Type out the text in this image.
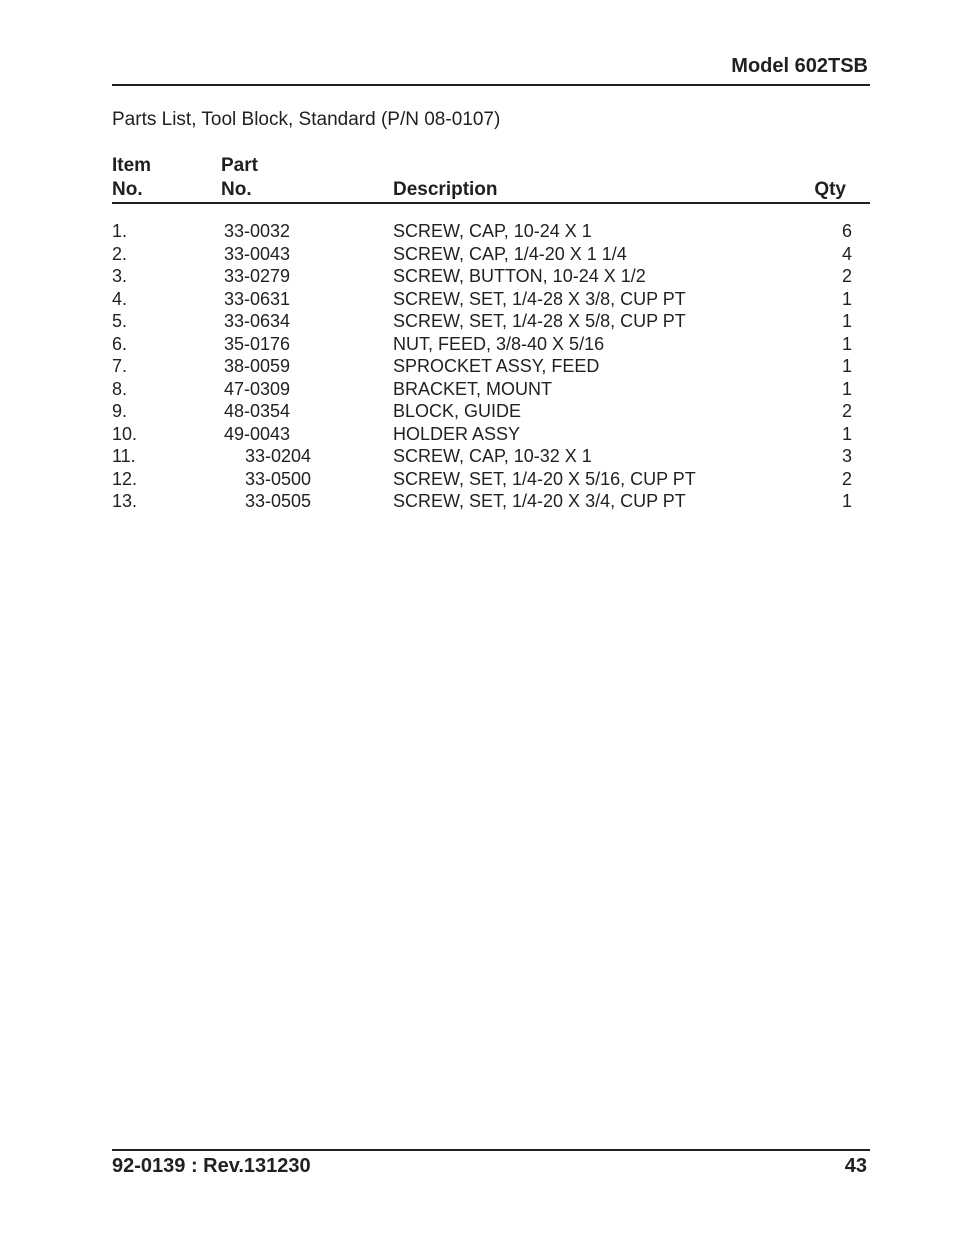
Model 602TSB
Parts List, Tool Block, Standard (P/N 08-0107)
Item
No.
Part
No.	Description	Qty
1.	33-0032	SCREW, CAP, 10-24 X 1	6
2.	33-0043	SCREW, CAP, 1/4-20 X 1 1/4	4
3.	33-0279	SCREW, BUTTON, 10-24 X 1/2	2
4.	33-0631	SCREW, SET, 1/4-28 X 3/8, CUP PT	1
5.	33-0634	SCREW, SET, 1/4-28 X 5/8, CUP PT	1
6.	35-0176	NUT, FEED, 3/8-40 X 5/16	1
7.	38-0059	SPROCKET ASSY, FEED	1
8.	47-0309	BRACKET, MOUNT	1
9.	48-0354	BLOCK, GUIDE	2
10.	49-0043	HOLDER ASSY	1
11.	33-0204	SCREW, CAP, 10-32 X 1	3
12.	33-0500	SCREW, SET, 1/4-20 X 5/16, CUP PT	2
13.	33-0505	SCREW, SET, 1/4-20 X 3/4, CUP PT	1
92-0139 : Rev.131230	43
